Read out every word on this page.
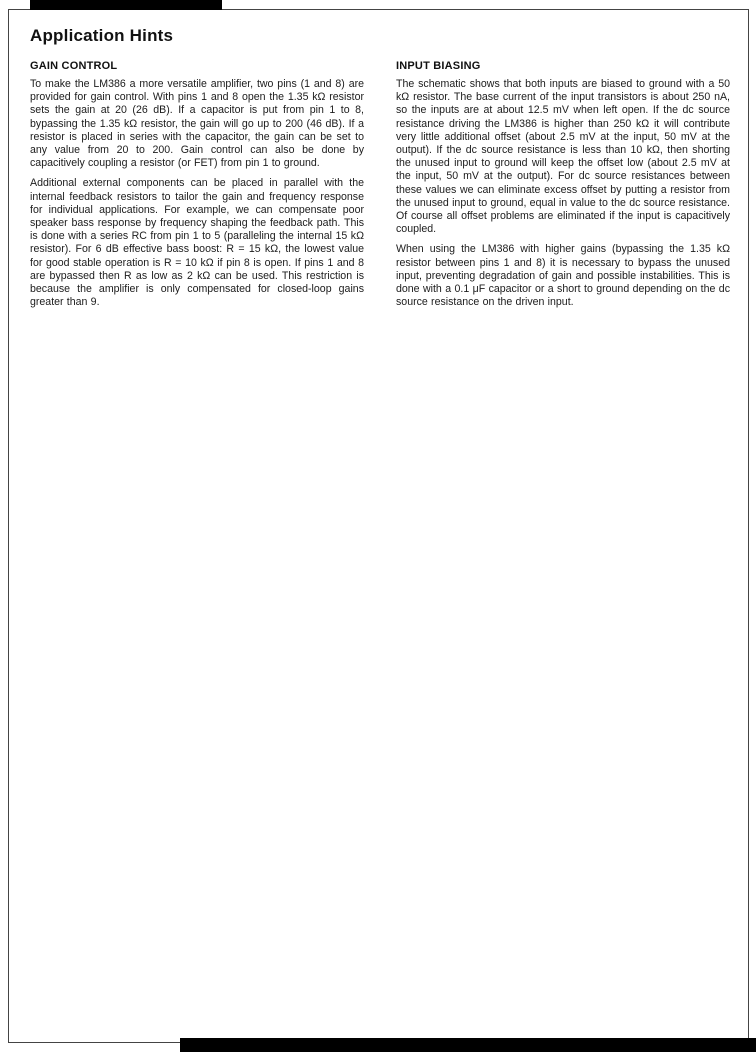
Application Hints
GAIN CONTROL

To make the LM386 a more versatile amplifier, two pins (1 and 8) are provided for gain control. With pins 1 and 8 open the 1.35 kΩ resistor sets the gain at 20 (26 dB). If a capacitor is put from pin 1 to 8, bypassing the 1.35 kΩ resistor, the gain will go up to 200 (46 dB). If a resistor is placed in series with the capacitor, the gain can be set to any value from 20 to 200. Gain control can also be done by capacitively coupling a resistor (or FET) from pin 1 to ground.

Additional external components can be placed in parallel with the internal feedback resistors to tailor the gain and frequency response for individual applications. For example, we can compensate poor speaker bass response by frequency shaping the feedback path. This is done with a series RC from pin 1 to 5 (paralleling the internal 15 kΩ resistor). For 6 dB effective bass boost: R = 15 kΩ, the lowest value for good stable operation is R = 10 kΩ if pin 8 is open. If pins 1 and 8 are bypassed then R as low as 2 kΩ can be used. This restriction is because the amplifier is only compensated for closed-loop gains greater than 9.

INPUT BIASING

The schematic shows that both inputs are biased to ground with a 50 kΩ resistor. The base current of the input transistors is about 250 nA, so the inputs are at about 12.5 mV when left open. If the dc source resistance driving the LM386 is higher than 250 kΩ it will contribute very little additional offset (about 2.5 mV at the input, 50 mV at the output). If the dc source resistance is less than 10 kΩ, then shorting the unused input to ground will keep the offset low (about 2.5 mV at the input, 50 mV at the output). For dc source resistances between these values we can eliminate excess offset by putting a resistor from the unused input to ground, equal in value to the dc source resistance. Of course all offset problems are eliminated if the input is capacitively coupled.

When using the LM386 with higher gains (bypassing the 1.35 kΩ resistor between pins 1 and 8) it is necessary to bypass the unused input, preventing degradation of gain and possible instabilities. This is done with a 0.1 μF capacitor or a short to ground depending on the dc source resistance on the driven input.
